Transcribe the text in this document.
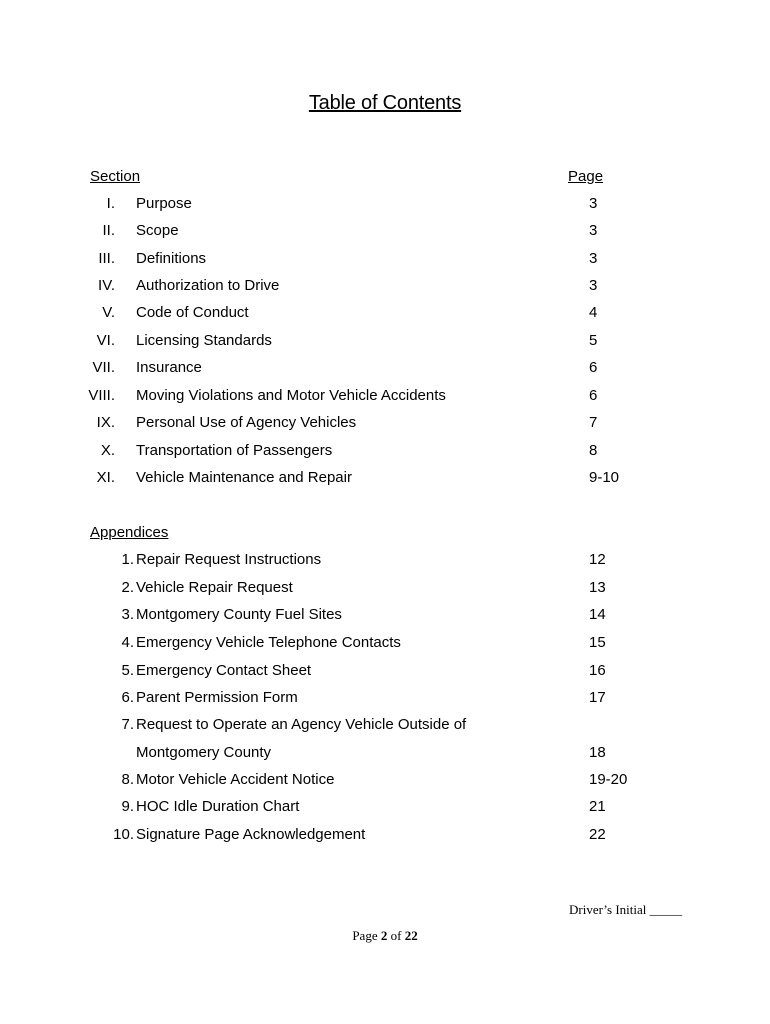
Table of Contents
Section	Page
I. Purpose	3
II. Scope	3
III. Definitions	3
IV. Authorization to Drive	3
V. Code of Conduct	4
VI. Licensing Standards	5
VII. Insurance	6
VIII. Moving Violations and Motor Vehicle Accidents	6
IX. Personal Use of Agency Vehicles	7
X. Transportation of Passengers	8
XI. Vehicle Maintenance and Repair	9-10
Appendices
1. Repair Request Instructions	12
2. Vehicle Repair Request	13
3. Montgomery County Fuel Sites	14
4. Emergency Vehicle Telephone Contacts	15
5. Emergency Contact Sheet	16
6. Parent Permission Form	17
7. Request to Operate an Agency Vehicle Outside of
Montgomery County	18
8. Motor Vehicle Accident Notice	19-20
9. HOC Idle Duration Chart	21
10. Signature Page Acknowledgement	22
Driver’s Initial _____
Page 2 of 22
